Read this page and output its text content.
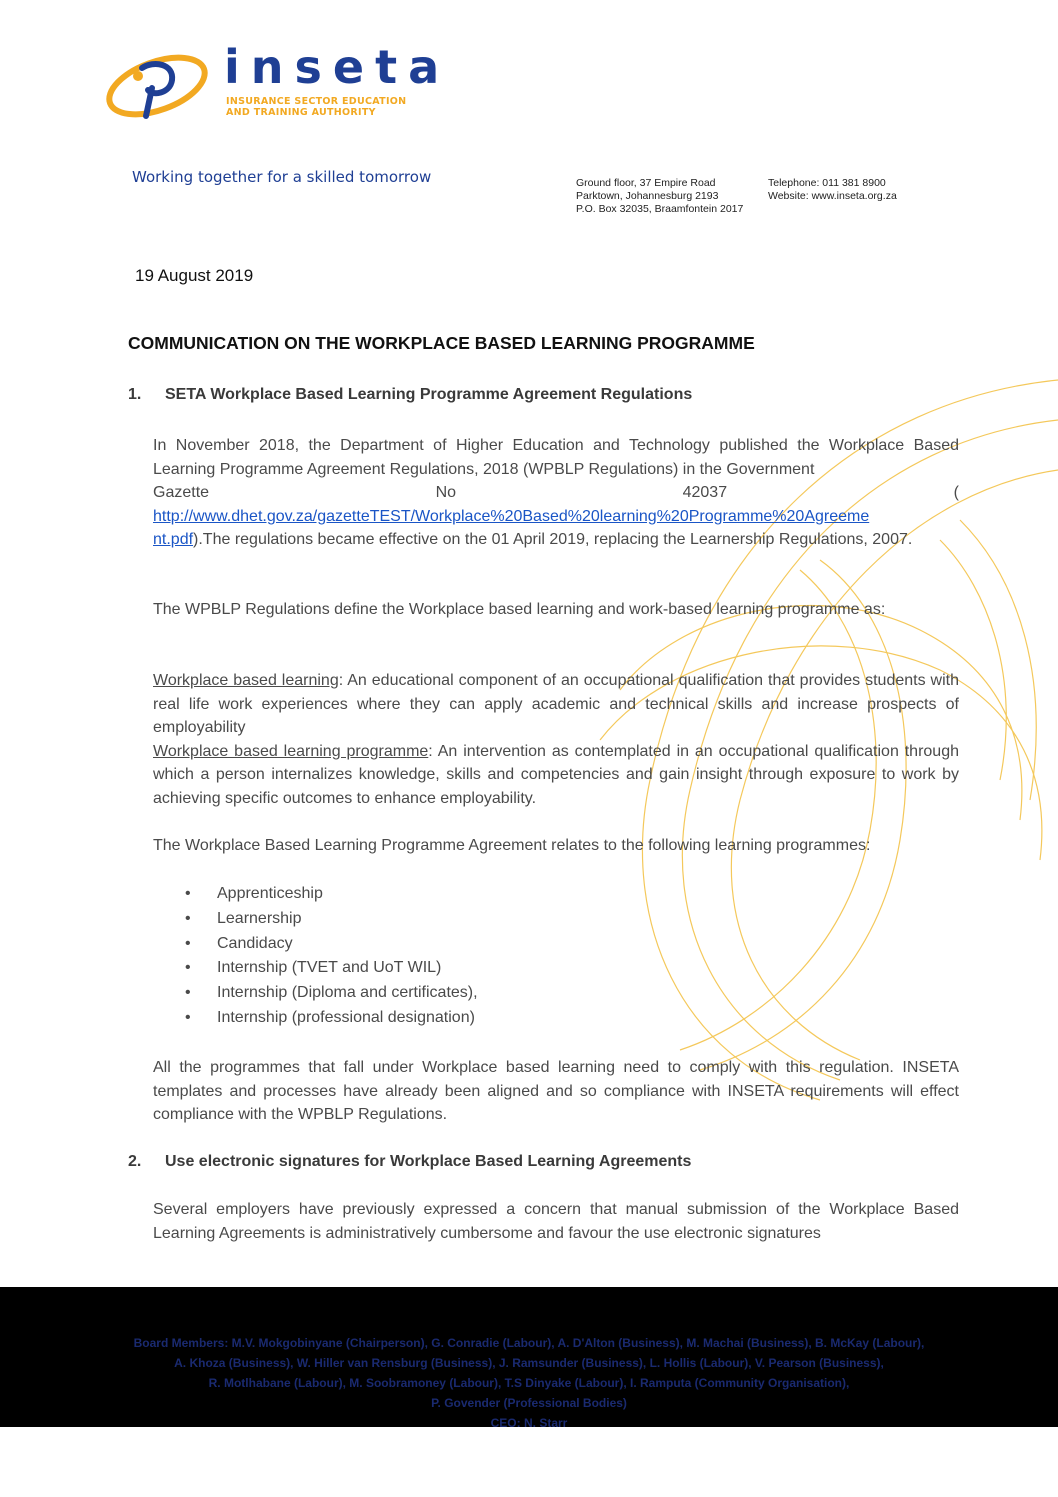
inseta
INSURANCE SECTOR EDUCATION
AND TRAINING AUTHORITY
Working together for a skilled tomorrow	Ground floor, 37 Empire Road
Parktown, Johannesburg 2193
P.O. Box 32035, Braamfontein 2017
Telephone: 011 381 8900
Website: www.inseta.org.za
19 August 2019
COMMUNICATION ON THE WORKPLACE BASED LEARNING PROGRAMME
1. SETA Workplace Based Learning Programme Agreement Regulations
In November 2018, the Department of Higher Education and Technology published the Workplace Based Learning Programme Agreement Regulations, 2018 (WPBLP Regulations) in the Government
Gazette	No	42037	(
http://www.dhet.gov.za/gazetteTEST/Workplace%20Based%20learning%20Programme%20Agreeme
nt.pdf).The regulations became effective on the 01 April 2019, replacing the Learnership Regulations, 2007.
The WPBLP Regulations define the Workplace based learning and work-based learning programme as:
Workplace based learning: An educational component of an occupational qualification that provides students with real life work experiences where they can apply academic and technical skills and increase prospects of employability
Workplace based learning programme: An intervention as contemplated in an occupational qualification through which a person internalizes knowledge, skills and competencies and gain insight through exposure to work by achieving specific outcomes to enhance employability.
The Workplace Based Learning Programme Agreement relates to the following learning programmes:
• Apprenticeship
• Learnership
• Candidacy
• Internship (TVET and UoT WIL)
• Internship (Diploma and certificates),
• Internship (professional designation)
All the programmes that fall under Workplace based learning need to comply with this regulation. INSETA templates and processes have already been aligned and so compliance with INSETA requirements will effect compliance with the WPBLP Regulations.
2. Use electronic signatures for Workplace Based Learning Agreements
Several employers have previously expressed a concern that manual submission of the Workplace Based Learning Agreements is administratively cumbersome and favour the use electronic signatures
Board Members: M.V. Mokgobinyane (Chairperson), G. Conradie (Labour), A. D'Alton (Business), M. Machai (Business), B. McKay (Labour),
A. Khoza (Business), W. Hiller van Rensburg (Business), J. Ramsunder (Business), L. Hollis (Labour), V. Pearson (Business),
R. Motlhabane (Labour), M. Soobramoney (Labour), T.S Dinyake (Labour), I. Ramputa (Community Organisation),
P. Govender (Professional Bodies)
CEO: N. Starr
